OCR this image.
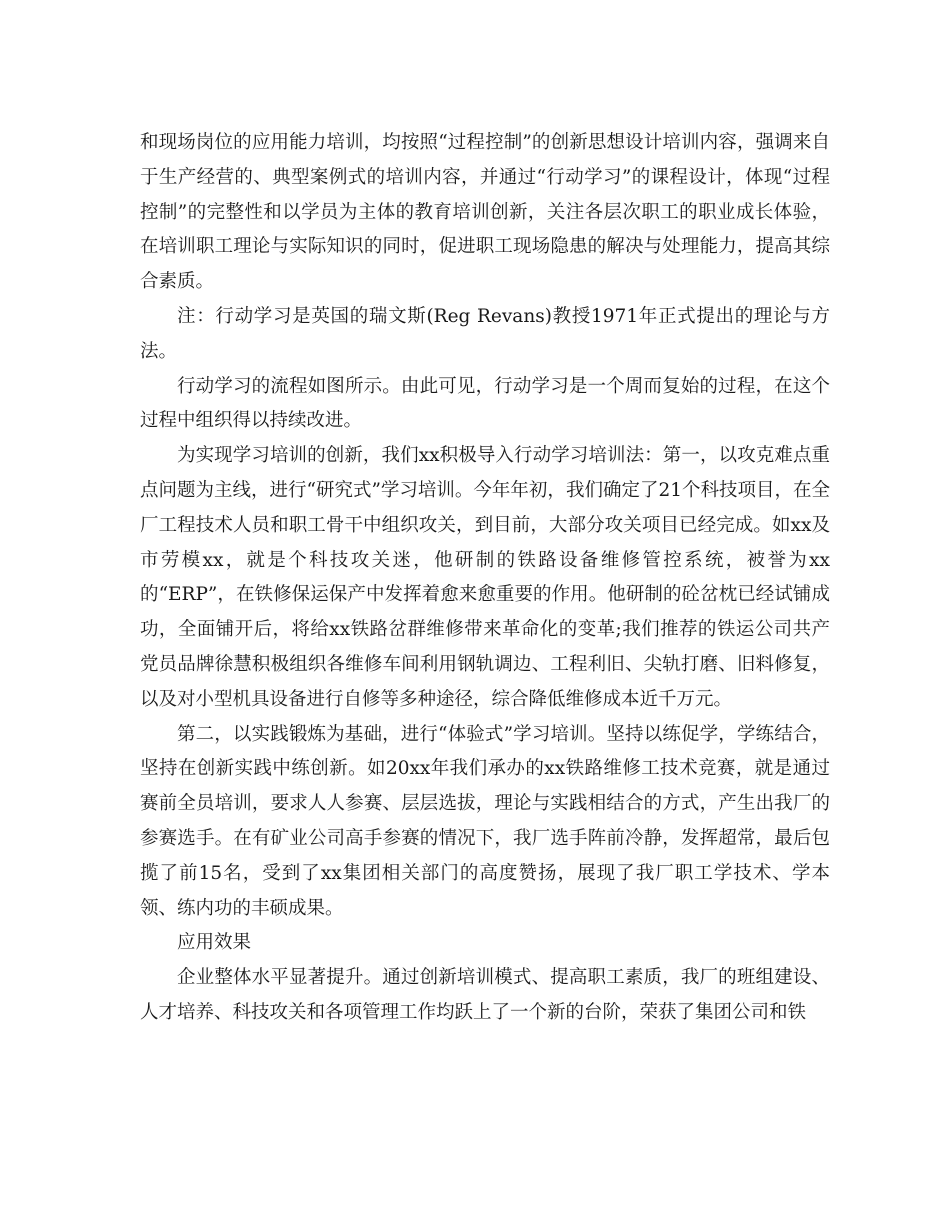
和现场岗位的应用能力培训，均按照“过程控制”的创新思想设计培训内容，强调来自于生产经营的、典型案例式的培训内容，并通过“行动学习”的课程设计，体现“过程控制”的完整性和以学员为主体的教育培训创新，关注各层次职工的职业成长体验，在培训职工理论与实际知识的同时，促进职工现场隐患的解决与处理能力，提高其综合素质。

注：行动学习是英国的瑞文斯(Reg Revans)教授1971年正式提出的理论与方法。

行动学习的流程如图所示。由此可见，行动学习是一个周而复始的过程，在这个过程中组织得以持续改进。

为实现学习培训的创新，我们xx积极导入行动学习培训法：第一，以攻克难点重点问题为主线，进行“研究式”学习培训。今年年初，我们确定了21个科技项目，在全厂工程技术人员和职工骨干中组织攻关，到目前，大部分攻关项目已经完成。如xx及市劳模xx，就是个科技攻关迷，他研制的铁路设备维修管控系统，被誉为xx的“ERP”，在铁修保运保产中发挥着愈来愈重要的作用。他研制的砼岔枕已经试铺成功，全面铺开后，将给xx铁路岔群维修带来革命化的变革;我们推荐的铁运公司共产党员品牌徐慧积极组织各维修车间利用钢轨调边、工程利旧、尖轨打磨、旧料修复，以及对小型机具设备进行自修等多种途径，综合降低维修成本近千万元。

第二，以实践锻炼为基础，进行“体验式”学习培训。坚持以练促学，学练结合，坚持在创新实践中练创新。如20xx年我们承办的xx铁路维修工技术竞赛，就是通过赛前全员培训，要求人人参赛、层层选拔，理论与实践相结合的方式，产生出我厂的参赛选手。在有矿业公司高手参赛的情况下，我厂选手阵前冷静，发挥超常，最后包揽了前15名，受到了xx集团相关部门的高度赞扬，展现了我厂职工学技术、学本领、练内功的丰硕成果。

应用效果

企业整体水平显著提升。通过创新培训模式、提高职工素质，我厂的班组建设、人才培养、科技攻关和各项管理工作均跃上了一个新的台阶，荣获了集团公司和铁
